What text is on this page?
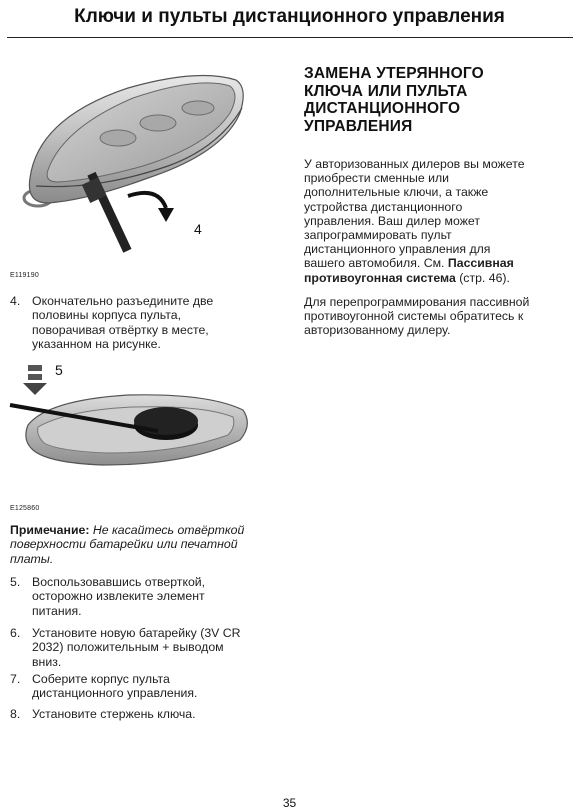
Ключи и пульты дистанционного управления
4
E119190
4. Окончательно разъедините две
половины корпуса пульта,
поворачивая отвёртку в месте,
указанном на рисунке.
5
E125860
Примечание: Не касайтесь отвёрткой
поверхности батарейки или печатной
платы.
5. Воспользовавшись отверткой,
осторожно извлеките элемент
питания.
6. Установите новую батарейку (3V CR
2032) положительным + выводом
вниз.
7. Соберите корпус пульта
дистанционного управления.
8. Установите стержень ключа.
ЗАМЕНА УТЕРЯННОГО
КЛЮЧА ИЛИ ПУЛЬТА
ДИСТАНЦИОННОГО
УПРАВЛЕНИЯ
У авторизованных дилеров вы можете
приобрести сменные или
дополнительные ключи, а также
устройства дистанционного
управления. Ваш дилер может
запрограммировать пульт
дистанционного управления для
вашего автомобиля. См. Пассивная
противоугонная система (стр. 46).
Для перепрограммирования пассивной
противоугонной системы обратитесь к
авторизованному дилеру.
35
